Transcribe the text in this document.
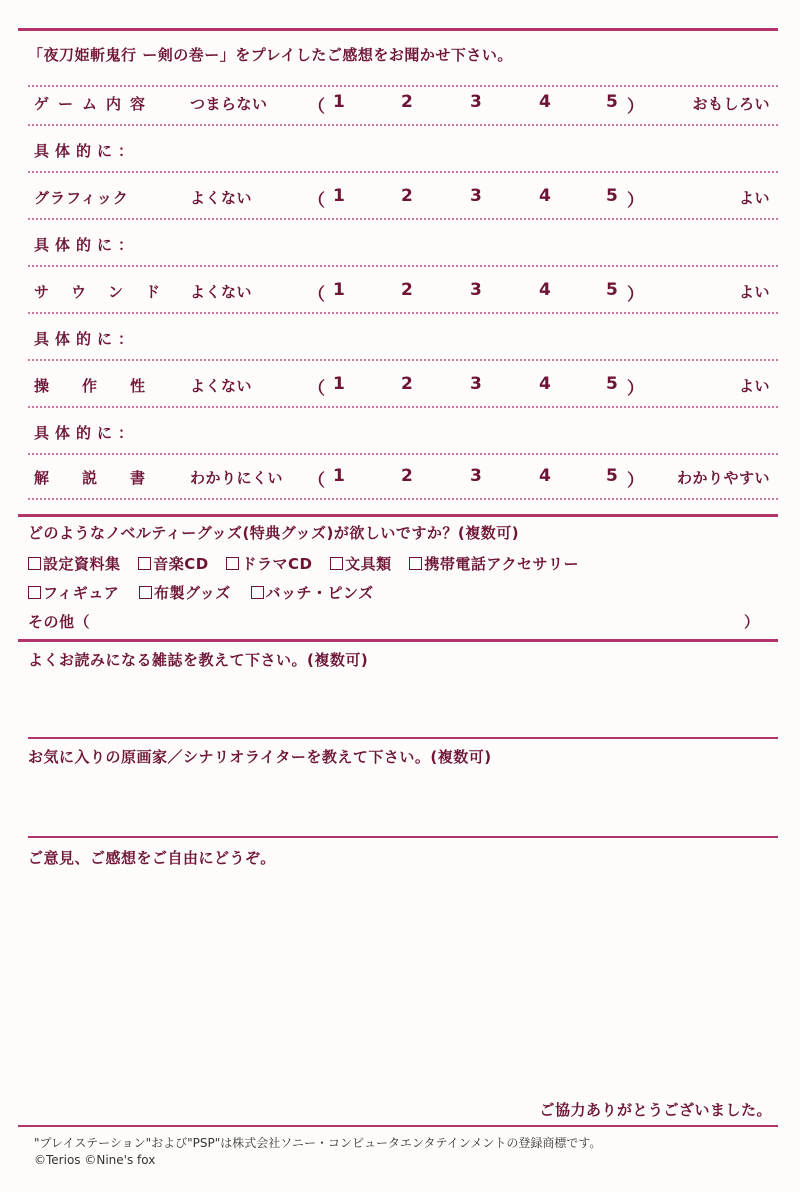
「夜刀姫斬鬼行 ー剣の巻ー」をプレイしたご感想をお聞かせ下さい。
ゲーム内容 つまらない （ 1	2	3	4	5 ）	おもしろい
具体的に：
グラフィック	よくない	（ 1	2	3	4	5 ）	よい
具体的に：
サウンド よくない	（ 1	2	3	4	5 ）	よい
具体的に：
操作性 よくない	（ 1	2	3	4	5 ）	よい
具体的に：
解説書 わかりにくい （ 1	2	3	4	5 ） わかりやすい
どのようなノベルティーグッズ(特典グッズ)が欲しいですか？(複数可)
設定資料集 音楽CD ドラマCD 文具類 携帯電話アクセサリー
フィギュア 布製グッズ バッチ・ピンズ
その他（	）
よくお読みになる雑誌を教えて下さい。(複数可)
お気に入りの原画家／シナリオライターを教えて下さい。(複数可)
ご意見、ご感想をご自由にどうぞ。
ご協力ありがとうございました。
"プレイステーション"および"PSP"は株式会社ソニー・コンピュータエンタテインメントの登録商標です。
©Terios ©Nine's fox
